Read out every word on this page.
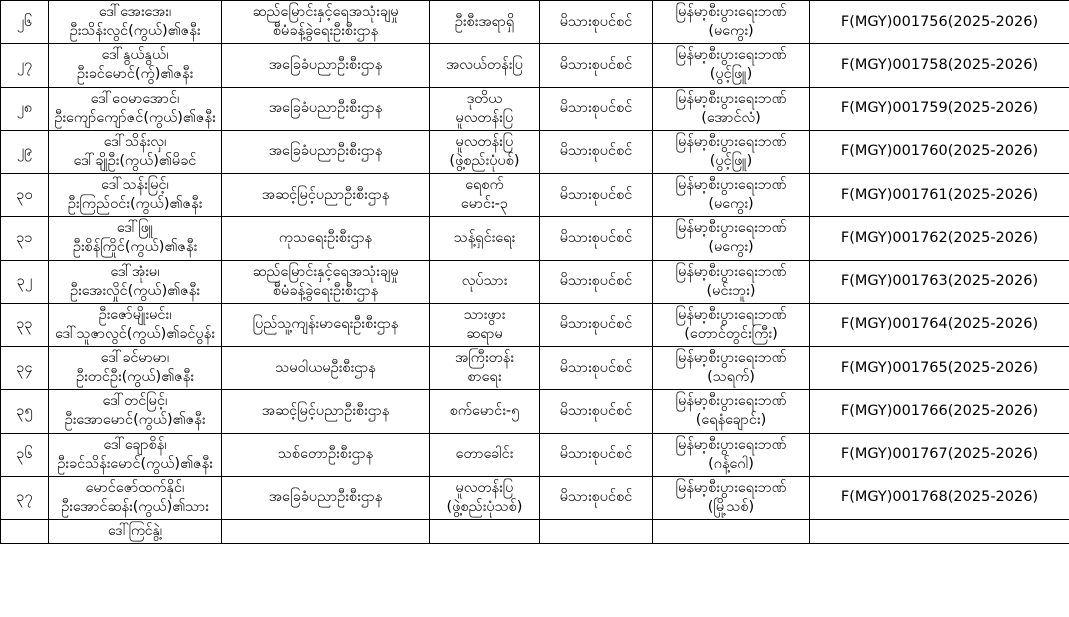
၂၆	ဒေါ်အေးအေး၊
ဦးသိန်းလွင်(ကွယ်)၏ဇနီး	ဆည်မြောင်းနှင့်ရေအသုံးချမှု
စီမံခန့်ခွဲရေးဦးစီးဌာန	ဦးစီးအရာရှိ	မိသားစုပင်စင်	မြန်မာ့စီးပွားရေးဘဏ်
(မကွေး)	F(MGY)001756(2025-2026)
၂၇	ဒေါ်နွယ်နွယ်၊
ဦးခင်မောင်(ကွ်)၏ဇနီး	အခြေခံပညာဦးစီးဌာန	အလယ်တန်းပြ	မိသားစုပင်စင်	မြန်မာ့စီးပွားရေးဘဏ်
(ပွင့်ဖြူ)	F(MGY)001758(2025-2026)
၂၈	ဒေါ်ဝေမာအောင်၊
ဦးကျော်ကျော်ဇင်(ကွယ်)၏ဇနီး	အခြေခံပညာဦးစီးဌာန	ဒုတိယ
မူလတန်းပြ	မိသားစုပင်စင်	မြန်မာ့စီးပွားရေးဘဏ်
(အောင်လံ)	F(MGY)001759(2025-2026)
၂၉	ဒေါ်သိန်းလှ၊
ဒေါ်ချိုဦး(ကွယ်)၏မိခင်	အခြေခံပညာဦးစီးဌာန	မူလတန်းပြ
(ဖွဲ့စည်းပုံပစ်)	မိသားစုပင်စင်	မြန်မာ့စီးပွားရေးဘဏ်
(ပွင့်ဖြူ)	F(MGY)001760(2025-2026)
၃၀	ဒေါ်သန်းမြင့်၊
ဦးကြည်ဝင်း(ကွယ်)၏ဇနီး	အဆင့်မြင့်ပညာဦးစီးဌာန	ရေစက်
မောင်း-၃	မိသားစုပင်စင်	မြန်မာ့စီးပွားရေးဘဏ်
(မကွေး)	F(MGY)001761(2025-2026)
၃၁	ဒေါ်ဖြူ
ဦးစိန်ကြိုင်(ကွယ်)၏ဇနီး	ကုသရေးဦးစီးဌာန	သန့်ရှင်းရေး	မိသားစုပင်စင်	မြန်မာ့စီးပွားရေးဘဏ်
(မကွေး)	F(MGY)001762(2025-2026)
၃၂	ဒေါ်အုံးမ၊
ဦးအေးလှိုင်(ကွယ်)၏ဇနီး	ဆည်မြောင်းနှင့်ရေအသုံးချမှု
စီမံခန့်ခွဲရေးဦးစီးဌာန	လုပ်သား	မိသားစုပင်စင်	မြန်မာ့စီးပွားရေးဘဏ်
(မင်းဘူး)	F(MGY)001763(2025-2026)
၃၃	ဦးဇော်မျိုးမင်း၊
ဒေါ်သူဇာလွင်(ကွယ်)၏ခင်ပွန်း	ပြည်သူ့ကျန်းမာရေးဦးစီးဌာန	သားဖွား
ဆရာမ	မိသားစုပင်စင်	မြန်မာ့စီးပွားရေးဘဏ်
(တောင်တွင်းကြီး)	F(MGY)001764(2025-2026)
၃၄	ဒေါ်ခင်မာမာ၊
ဦးတင်ဦး(ကွယ်)၏ဇနီး	သမဝါယမဦးစီးဌာန	အကြီးတန်း
စာရေး	မိသားစုပင်စင်	မြန်မာ့စီးပွားရေးဘဏ်
(သရက်)	F(MGY)001765(2025-2026)
၃၅	ဒေါ်တင်မြင့်၊
ဦးအောမောင်(ကွယ်)၏ဇနီး	အဆင့်မြင့်ပညာဦးစီးဌာန	စက်မောင်း-၅	မိသားစုပင်စင်	မြန်မာ့စီးပွားရေးဘဏ်
(ရေနံချောင်း)	F(MGY)001766(2025-2026)
၃၆	ဒေါ်ချောစိန်၊
ဦးခင်သိန်းမောင်(ကွယ်)၏ဇနီး	သစ်တောဦးစီးဌာန	တောခေါင်း	မိသားစုပင်စင်	မြန်မာ့စီးပွားရေးဘဏ်
(ဂန့်ဂေါ)	F(MGY)001767(2025-2026)
၃၇	မောင်ဇော်ထက်နိုင်၊
ဦးအောင်ဆန်း(ကွယ်)၏သား	အခြေခံပညာဦးစီးဌာန	မူလတန်းပြ
(ဖွဲ့စည်းပုံသစ်)	မိသားစုပင်စင်	မြန်မာ့စီးပွားရေးဘဏ်
(မြို့သစ်)	F(MGY)001768(2025-2026)
	ဒေါ်ကြင်နွဲ့၊					
